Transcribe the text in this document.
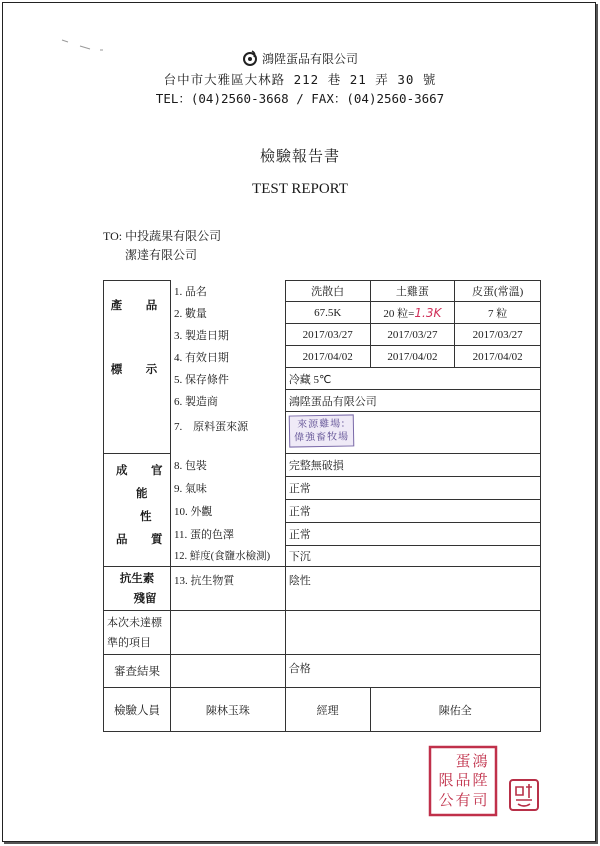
鴻陞蛋品有限公司
台中市大雅區大林路 212 巷 21 弄 30 號
TEL：(04)2560-3668 / FAX：(04)2560-3667
檢驗報告書
TEST REPORT
TO: 中投蔬果有限公司
潔達有限公司
產　品
標　示	1. 品名	洗散白	土雞蛋	皮蛋(常溫)
	2. 數量	67.5K	20 粒=1.3K	7 粒
	3. 製造日期	2017/03/27	2017/03/27	2017/03/27
	4. 有效日期	2017/04/02	2017/04/02	2017/04/02
	5. 保存條件	冷藏 5℃		
	6. 製造商	鴻陞蛋品有限公司		
	7.　原料蛋來源	來源雞場:
偉強畜牧場		

成　官
能
性
品　質	8. 包裝	完整無破損		
	9. 氣味	正常		
	10. 外觀	正常		
	11. 蛋的色澤	正常		
	12. 鮮度(食鹽水檢測)	下沉		

抗生素
殘留	13. 抗生物質	陰性		

本次未達標
準的項目				

審查結果		合格		
檢驗人員	陳林玉珠	經理	陳佑全	
鴻
陞
蛋
品
有
限
公 司
